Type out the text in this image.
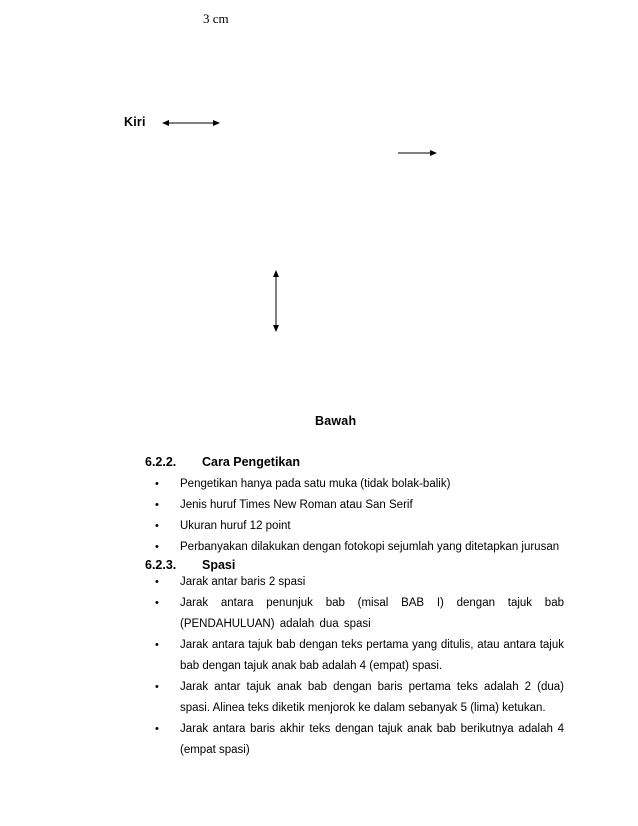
3 cm
Kiri
Bawah
6.2.2. Cara Pengetikan
• Pengetikan hanya pada satu muka (tidak bolak-balik)
• Jenis huruf Times New Roman atau San Serif
• Ukuran huruf 12 point
• Perbanyakan dilakukan dengan fotokopi sejumlah yang ditetapkan jurusan
6.2.3. Spasi
• Jarak antar baris 2 spasi
• Jarak antara penunjuk bab (misal BAB I) dengan tajuk bab (PENDAHULUAN) adalah dua spasi
• Jarak antara tajuk bab dengan teks pertama yang ditulis, atau antara tajuk bab dengan tajuk anak bab adalah 4 (empat) spasi.
• Jarak antar tajuk anak bab dengan baris pertama teks adalah 2 (dua) spasi. Alinea teks diketik menjorok ke dalam sebanyak 5 (lima) ketukan.
• Jarak antara baris akhir teks dengan tajuk anak bab berikutnya adalah 4 (empat spasi)
